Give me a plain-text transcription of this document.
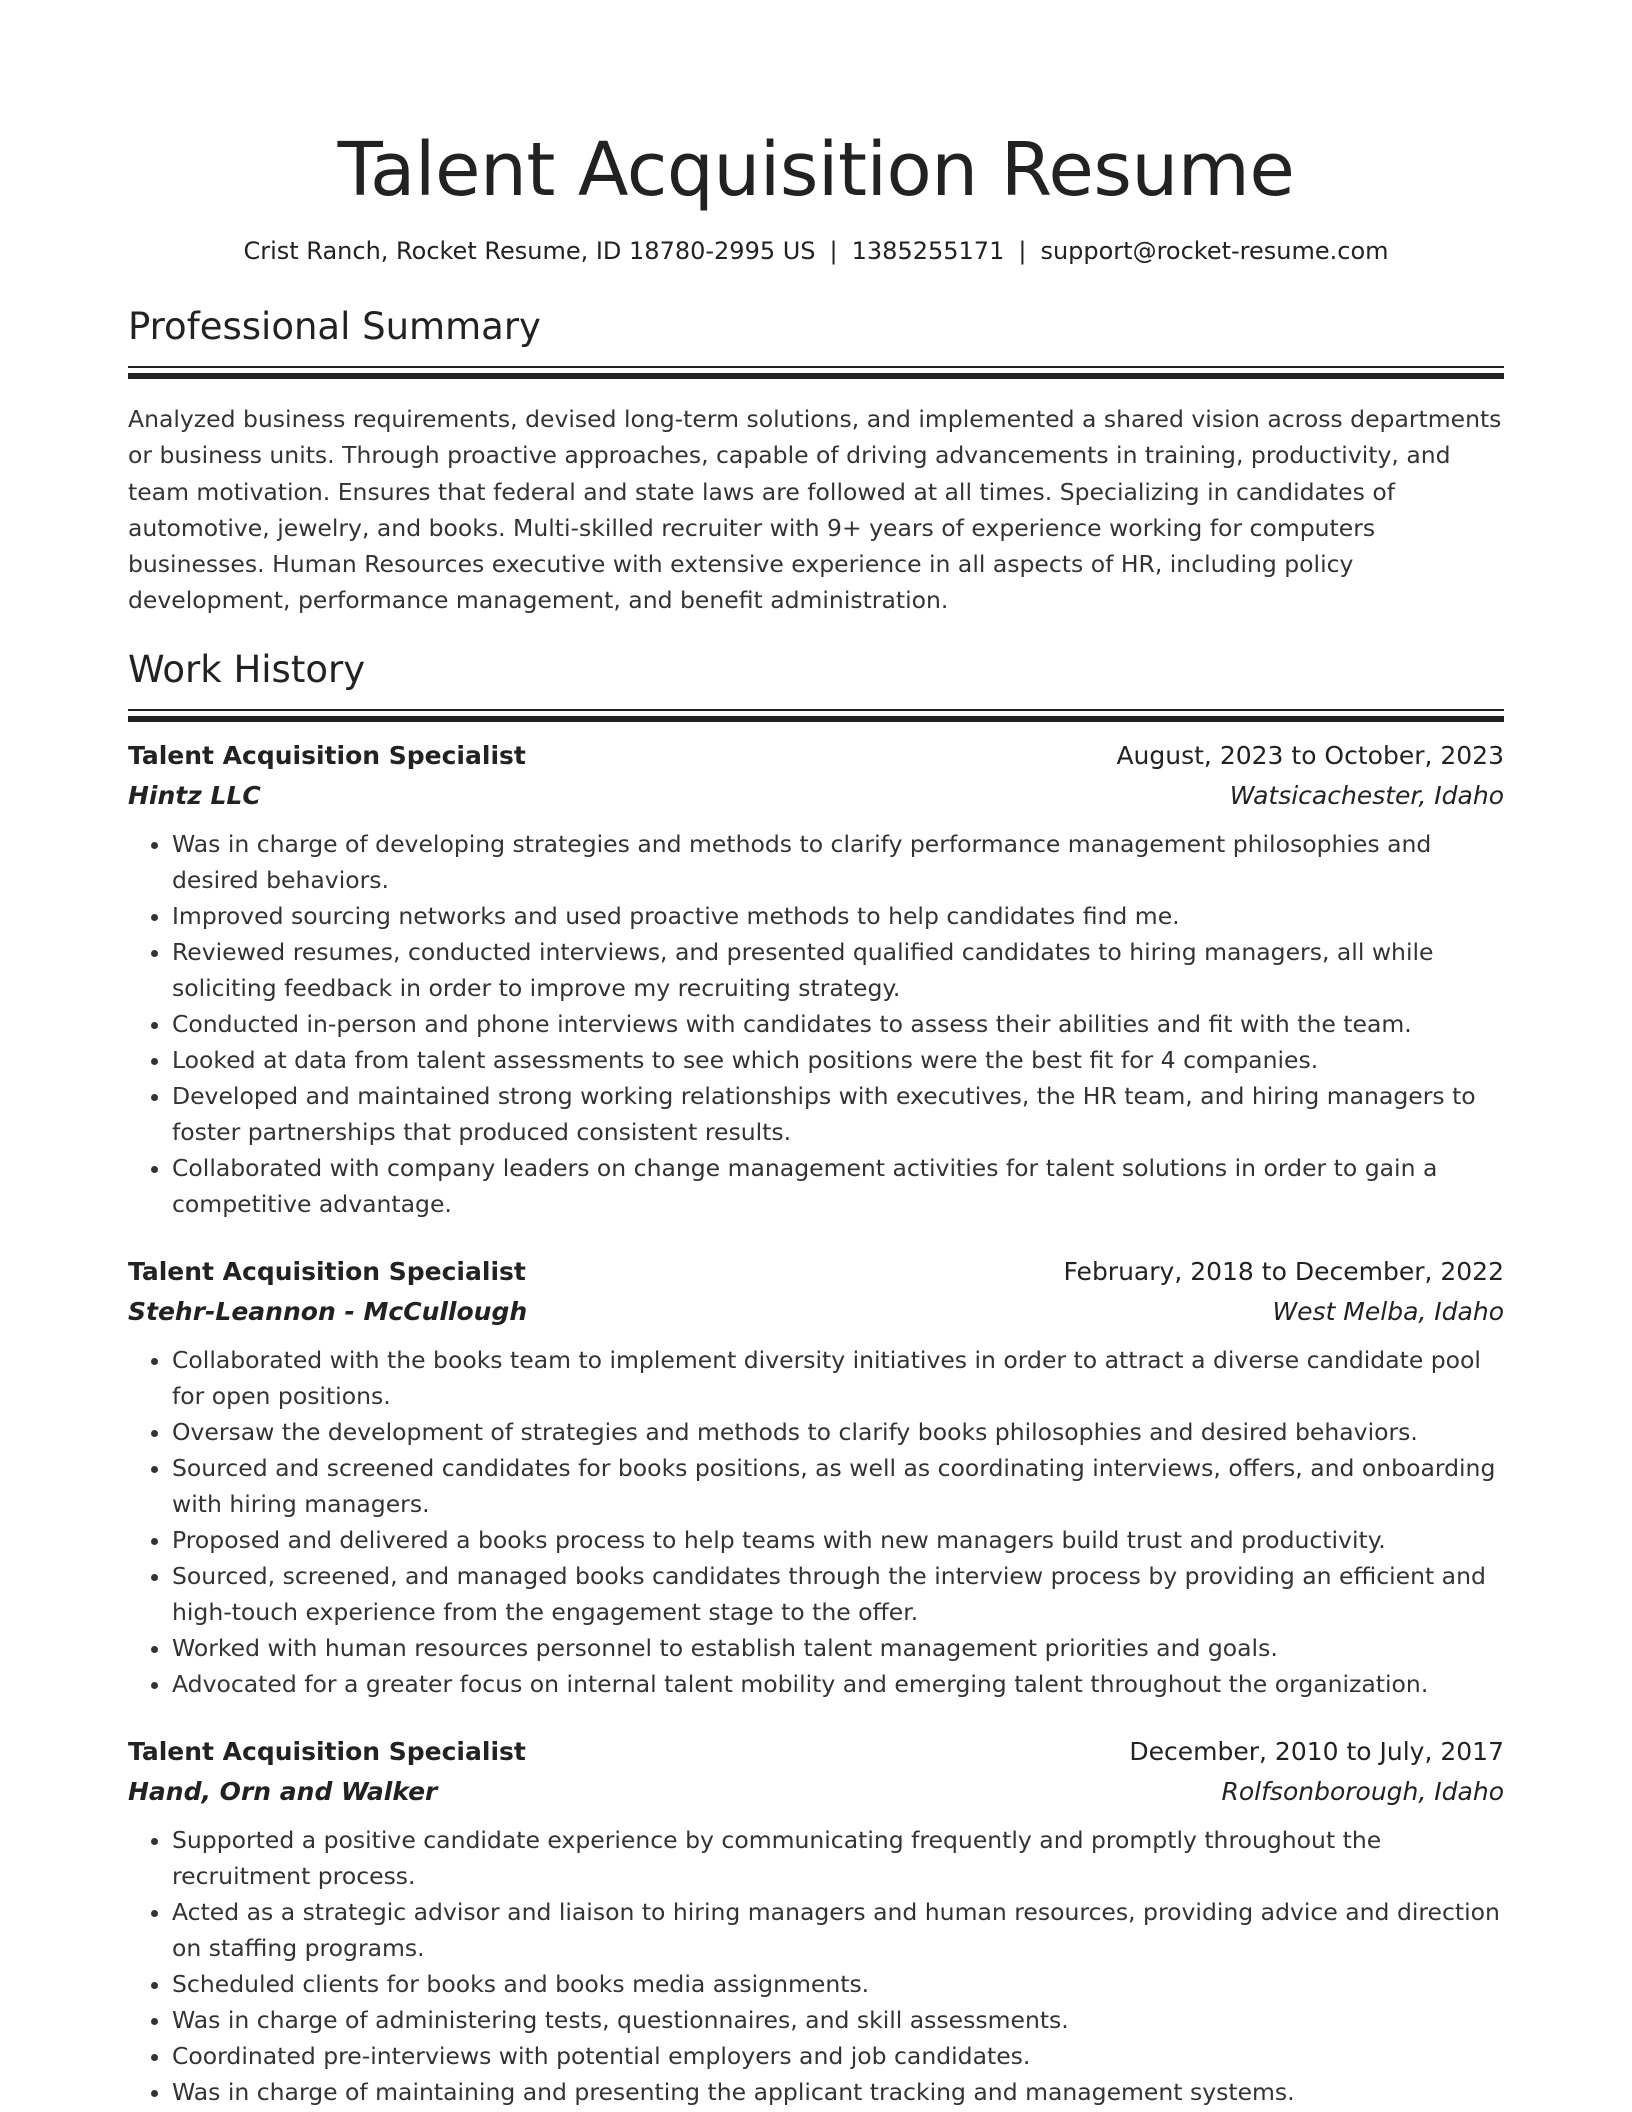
Talent Acquisition Resume
Crist Ranch, Rocket Resume, ID 18780-2995 US | 1385255171 | support@rocket-resume.com
Professional Summary

Analyzed business requirements, devised long-term solutions, and implemented a shared vision across departments or business units. Through proactive approaches, capable of driving advancements in training, productivity, and team motivation. Ensures that federal and state laws are followed at all times. Specializing in candidates of automotive, jewelry, and books. Multi-skilled recruiter with 9+ years of experience working for computers businesses. Human Resources executive with extensive experience in all aspects of HR, including policy development, performance management, and benefit administration.

Work History
Talent Acquisition Specialist	August, 2023 to October, 2023
Hintz LLC	Watsicachester, Idaho
• Was in charge of developing strategies and methods to clarify performance management philosophies and desired behaviors.
• Improved sourcing networks and used proactive methods to help candidates find me.
• Reviewed resumes, conducted interviews, and presented qualified candidates to hiring managers, all while soliciting feedback in order to improve my recruiting strategy.
• Conducted in-person and phone interviews with candidates to assess their abilities and fit with the team.
• Looked at data from talent assessments to see which positions were the best fit for 4 companies.
• Developed and maintained strong working relationships with executives, the HR team, and hiring managers to foster partnerships that produced consistent results.
• Collaborated with company leaders on change management activities for talent solutions in order to gain a competitive advantage.
Talent Acquisition Specialist	February, 2018 to December, 2022
Stehr-Leannon - McCullough	West Melba, Idaho
• Collaborated with the books team to implement diversity initiatives in order to attract a diverse candidate pool for open positions.
• Oversaw the development of strategies and methods to clarify books philosophies and desired behaviors.
• Sourced and screened candidates for books positions, as well as coordinating interviews, offers, and onboarding with hiring managers.
• Proposed and delivered a books process to help teams with new managers build trust and productivity.
• Sourced, screened, and managed books candidates through the interview process by providing an efficient and high-touch experience from the engagement stage to the offer.
• Worked with human resources personnel to establish talent management priorities and goals.
• Advocated for a greater focus on internal talent mobility and emerging talent throughout the organization.
Talent Acquisition Specialist	December, 2010 to July, 2017
Hand, Orn and Walker	Rolfsonborough, Idaho
• Supported a positive candidate experience by communicating frequently and promptly throughout the recruitment process.
• Acted as a strategic advisor and liaison to hiring managers and human resources, providing advice and direction on staffing programs.
• Scheduled clients for books and books media assignments.
• Was in charge of administering tests, questionnaires, and skill assessments.
• Coordinated pre-interviews with potential employers and job candidates.
• Was in charge of maintaining and presenting the applicant tracking and management systems.
